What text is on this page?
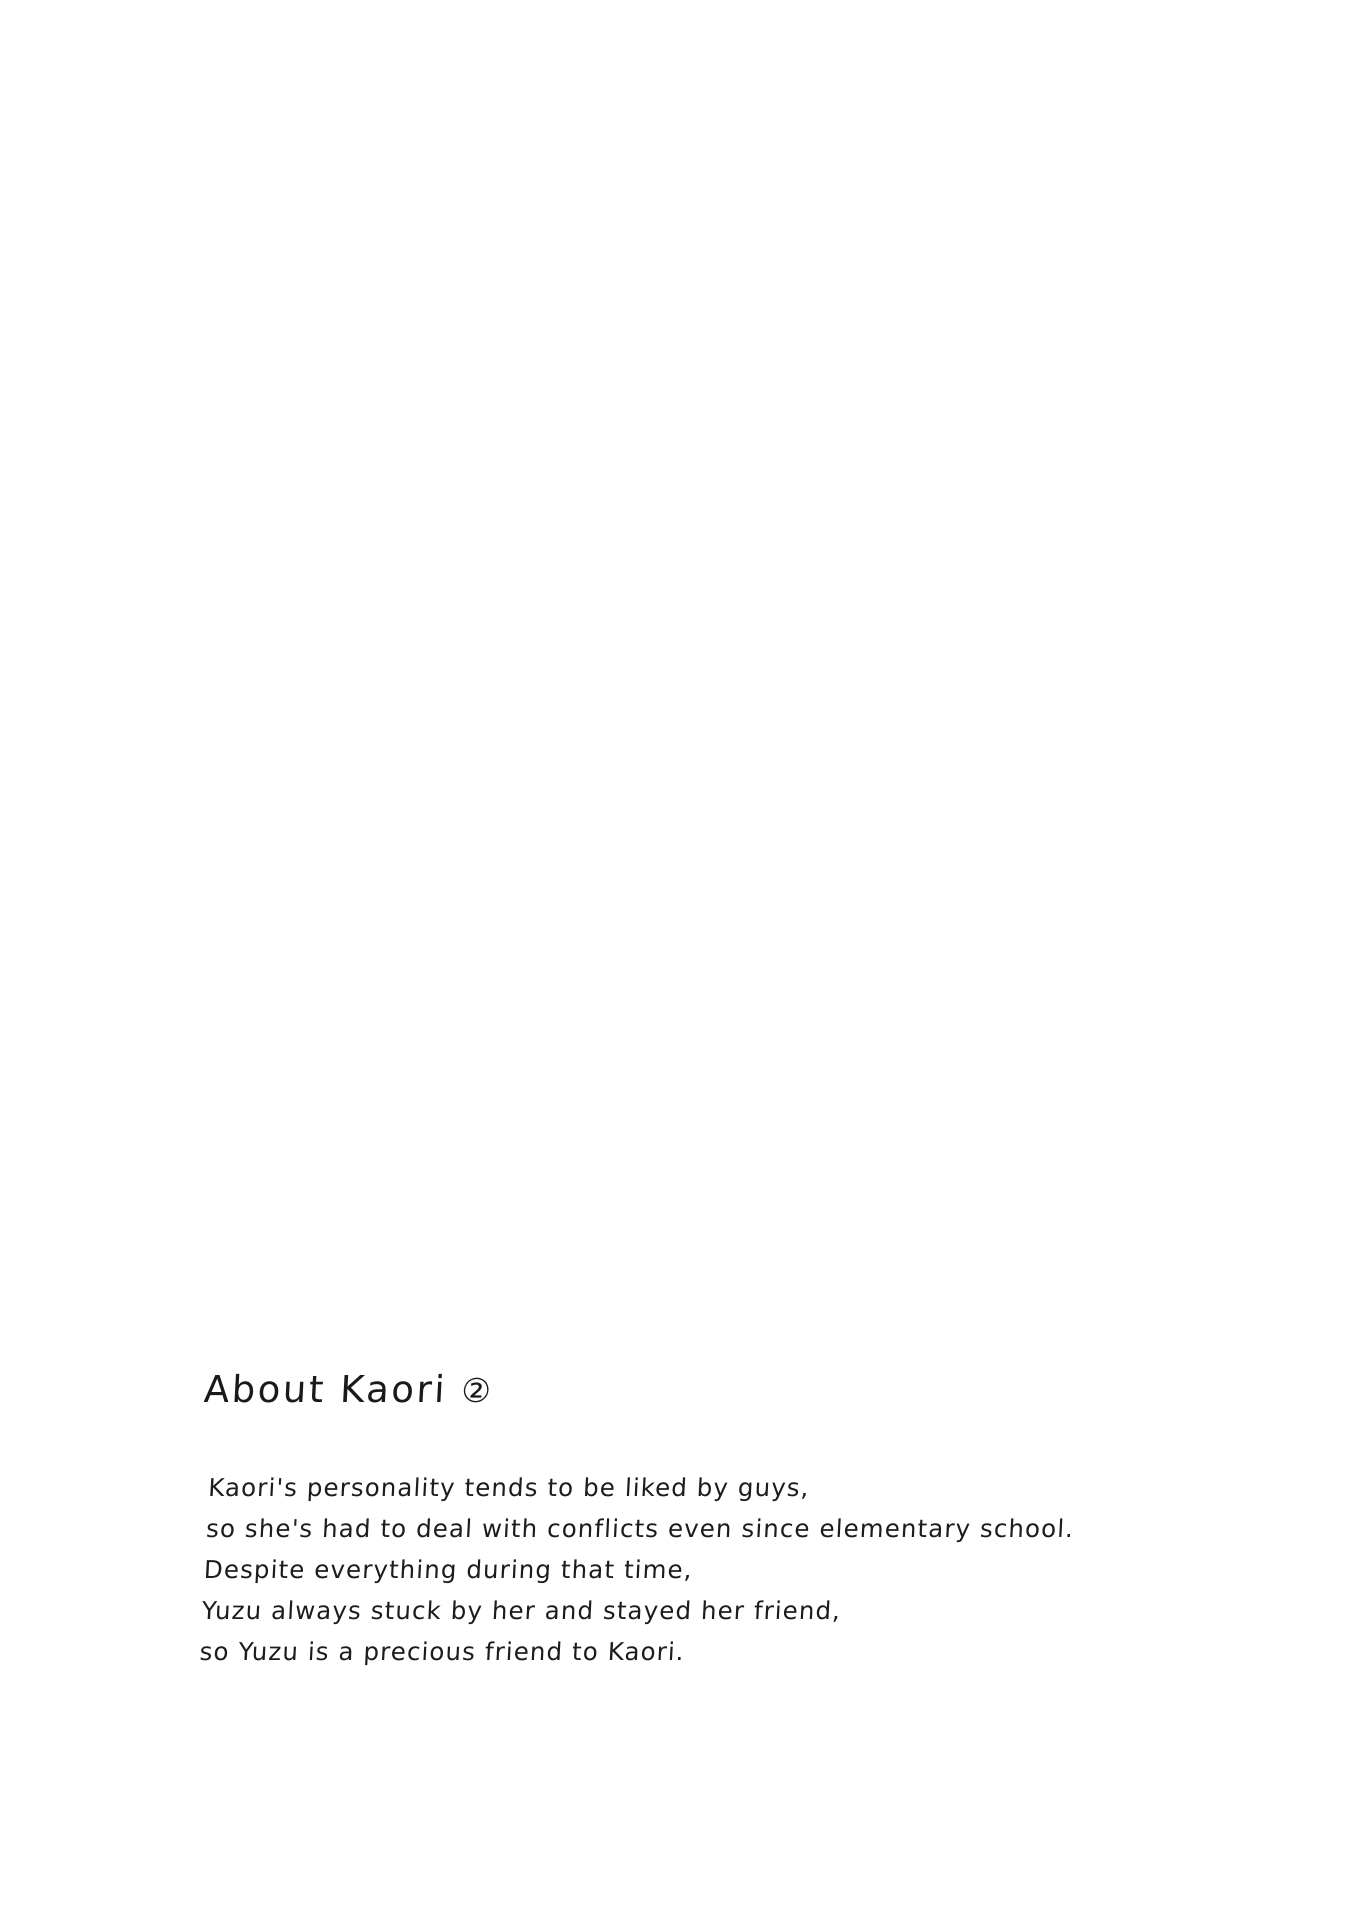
About Kaori ②
Kaori's personality tends to be liked by guys,
so she's had to deal with conflicts even since elementary school.
Despite everything during that time,
Yuzu always stuck by her and stayed her friend,
so Yuzu is a precious friend to Kaori.
